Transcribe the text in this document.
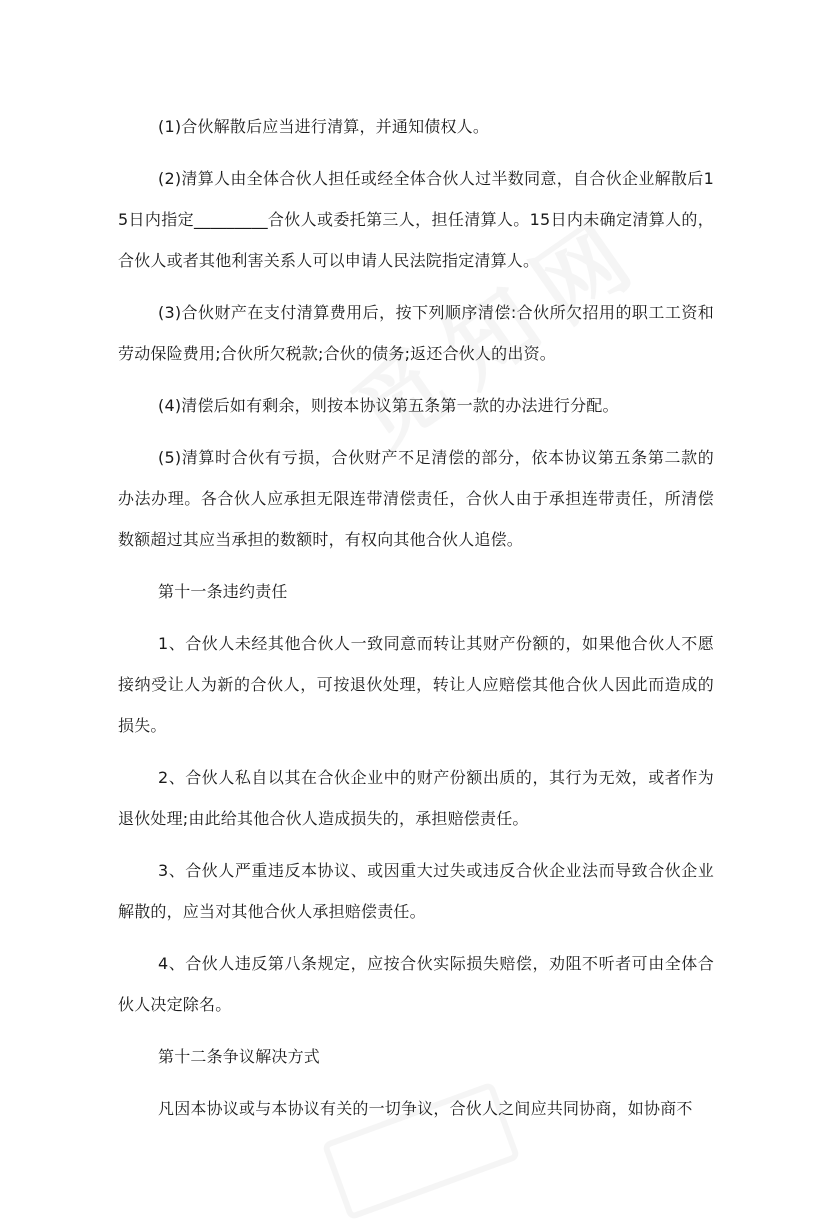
(1)合伙解散后应当进行清算，并通知债权人。

(2)清算人由全体合伙人担任或经全体合伙人过半数同意，自合伙企业解散后15日内指定_________合伙人或委托第三人，担任清算人。15日内未确定清算人的，合伙人或者其他利害关系人可以申请人民法院指定清算人。

(3)合伙财产在支付清算费用后，按下列顺序清偿:合伙所欠招用的职工工资和劳动保险费用;合伙所欠税款;合伙的债务;返还合伙人的出资。

(4)清偿后如有剩余，则按本协议第五条第一款的办法进行分配。

(5)清算时合伙有亏损，合伙财产不足清偿的部分，依本协议第五条第二款的办法办理。各合伙人应承担无限连带清偿责任，合伙人由于承担连带责任，所清偿数额超过其应当承担的数额时，有权向其他合伙人追偿。

第十一条违约责任

1、合伙人未经其他合伙人一致同意而转让其财产份额的，如果他合伙人不愿接纳受让人为新的合伙人，可按退伙处理，转让人应赔偿其他合伙人因此而造成的损失。

2、合伙人私自以其在合伙企业中的财产份额出质的，其行为无效，或者作为退伙处理;由此给其他合伙人造成损失的，承担赔偿责任。

3、合伙人严重违反本协议、或因重大过失或违反合伙企业法而导致合伙企业解散的，应当对其他合伙人承担赔偿责任。

4、合伙人违反第八条规定，应按合伙实际损失赔偿，劝阻不听者可由全体合伙人决定除名。

第十二条争议解决方式

凡因本协议或与本协议有关的一切争议，合伙人之间应共同协商，如协商不
